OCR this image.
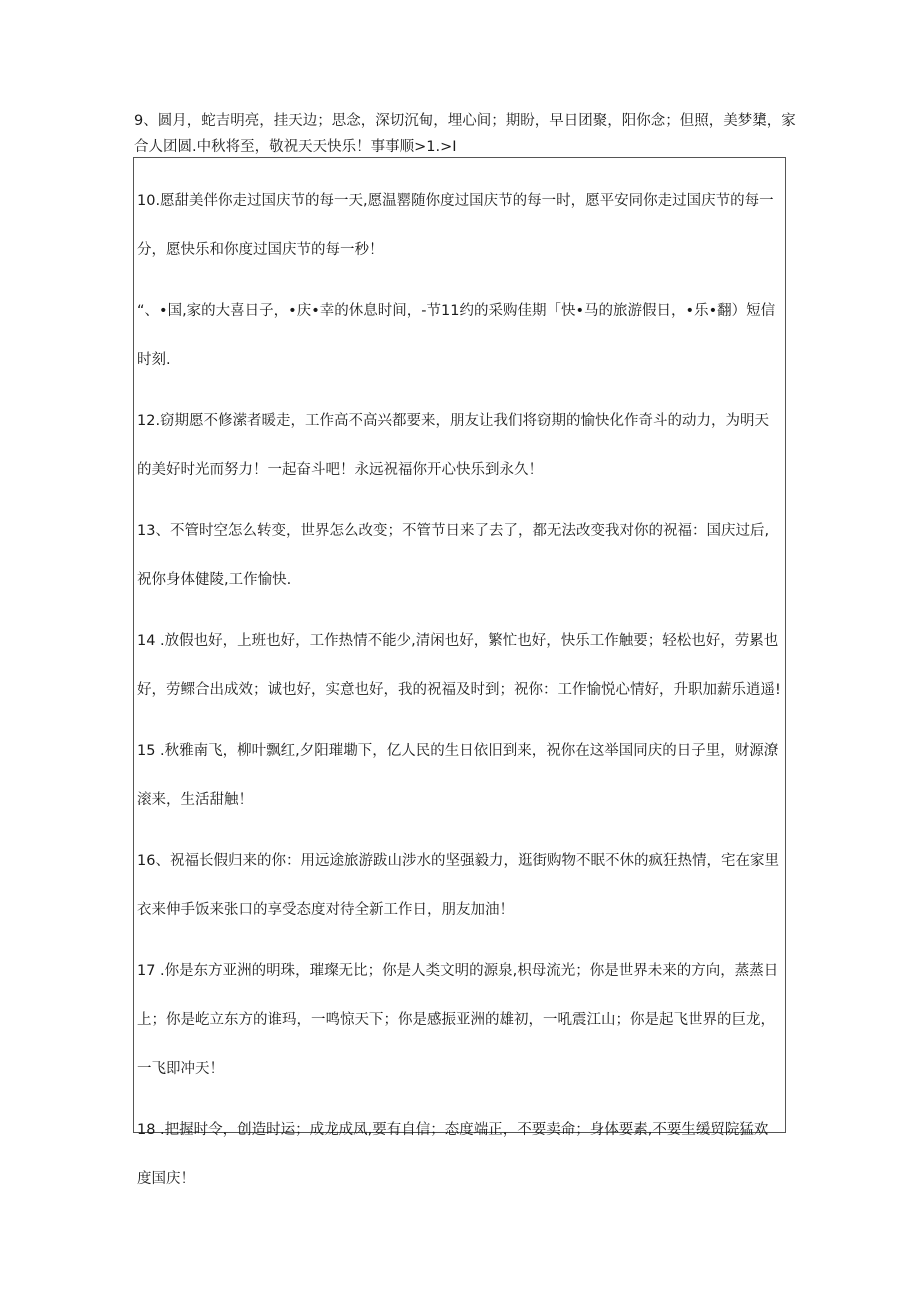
9、圆月，蛇吉明亮，挂天边；思念，深切沉甸，埋心间；期盼，早日团聚，阳你念；但照，美梦橥，家合人团圆.中秋将至，敬祝天天快乐！事事顺>1.>I

10.愿甜美伴你走过国庆节的每一天,愿温罂随你度过国庆节的每一时，愿平安同你走过国庆节的每一分，愿快乐和你度过国庆节的每一秒！

“、•国,家的大喜日子，•庆•幸的休息时间，-节11约的采购佳期「快•马的旅游假日，•乐•翻）短信时刻.

12.窃期愿不修潆者暖走，工作高不高兴都要来，朋友让我们将窃期的愉快化作奇斗的动力，为明天的美好时光而努力！一起奋斗吧！永远祝福你开心快乐到永久！

13、不管时空怎么转变，世界怎么改变；不管节日来了去了，都无法改变我对你的祝福：国庆过后,祝你身体健陵,工作愉快.

14 .放假也好，上班也好，工作热情不能少,清闲也好，繁忙也好，快乐工作触要；轻松也好，劳累也好，劳鳏合出成效；诚也好，实意也好，我的祝福及时到；祝你：工作愉悦心情好，升职加薪乐逍遥!

15 .秋雅南飞，柳叶飘红,夕阳璀墈下，亿人民的生日依旧到来，祝你在这举国同庆的日子里，财源潦滚来，生活甜触！

16、祝福长假归来的你：用远途旅游跋山涉水的坚强毅力，逛街购物不眠不休的疯狂热情，宅在家里衣来伸手饭来张口的享受态度对待全新工作日，朋友加油！

17 .你是东方亚洲的明珠，璀璨无比；你是人类文明的源泉,枳母流光；你是世界未来的方向，蒸蒸日上；你是屹立东方的谁玛，一鸣惊天下；你是感振亚洲的雄初，一吼震江山；你是起飞世界的巨龙，一飞即冲天！

18 .把握时令，创造时运；成龙成凤,要有自信；态度端正，不要卖命；身体要素,不要生缓贸院猛欢度国庆！
